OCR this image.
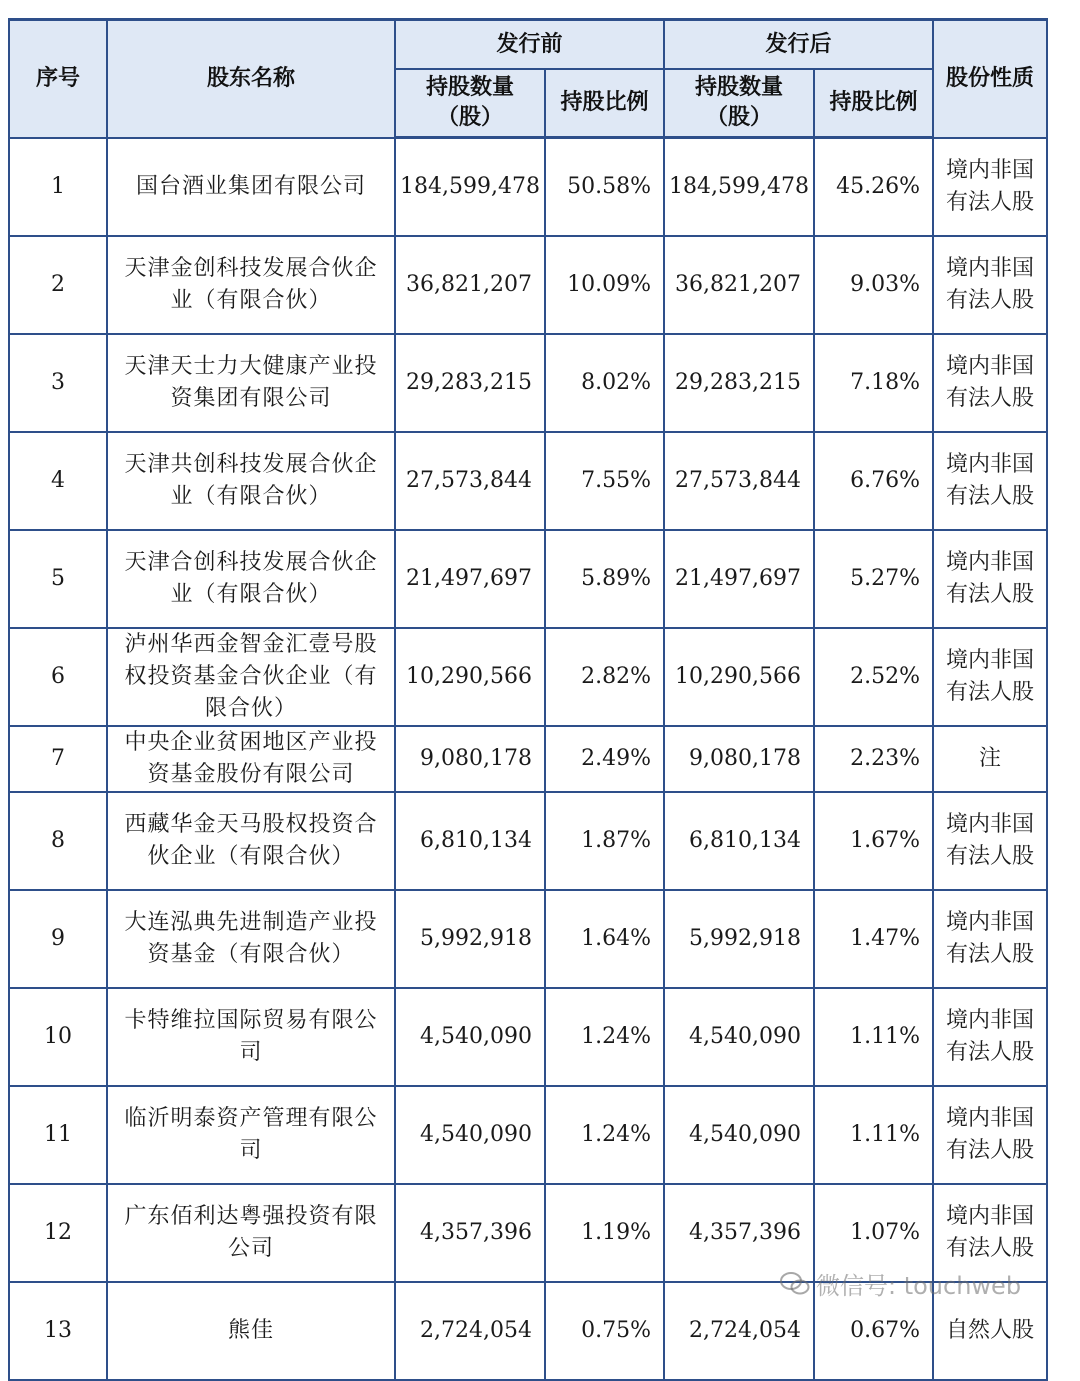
序号	股东名称	发行前		发行后		股份性质
		持股数量（股）	持股比例	持股数量（股）	持股比例	
1	国台酒业集团有限公司	184,599,478	50.58%	184,599,478	45.26%	境内非国有法人股
2	天津金创科技发展合伙企业（有限合伙）	36,821,207	10.09%	36,821,207	9.03%	境内非国有法人股
3	天津天士力大健康产业投资集团有限公司	29,283,215	8.02%	29,283,215	7.18%	境内非国有法人股
4	天津共创科技发展合伙企业（有限合伙）	27,573,844	7.55%	27,573,844	6.76%	境内非国有法人股
5	天津合创科技发展合伙企业（有限合伙）	21,497,697	5.89%	21,497,697	5.27%	境内非国有法人股
6	泸州华西金智金汇壹号股权投资基金合伙企业（有限合伙）	10,290,566	2.82%	10,290,566	2.52%	境内非国有法人股
7	中央企业贫困地区产业投资基金股份有限公司	9,080,178	2.49%	9,080,178	2.23%	注
8	西藏华金天马股权投资合伙企业（有限合伙）	6,810,134	1.87%	6,810,134	1.67%	境内非国有法人股
9	大连泓典先进制造产业投资基金（有限合伙）	5,992,918	1.64%	5,992,918	1.47%	境内非国有法人股
10	卡特维拉国际贸易有限公司	4,540,090	1.24%	4,540,090	1.11%	境内非国有法人股
11	临沂明泰资产管理有限公司	4,540,090	1.24%	4,540,090	1.11%	境内非国有法人股
12	广东佰利达粤强投资有限公司	4,357,396	1.19%	4,357,396	1.07%	境内非国有法人股
13	熊佳	2,724,054	0.75%	2,724,054	0.67%	自然人股
微信号: touchweb
